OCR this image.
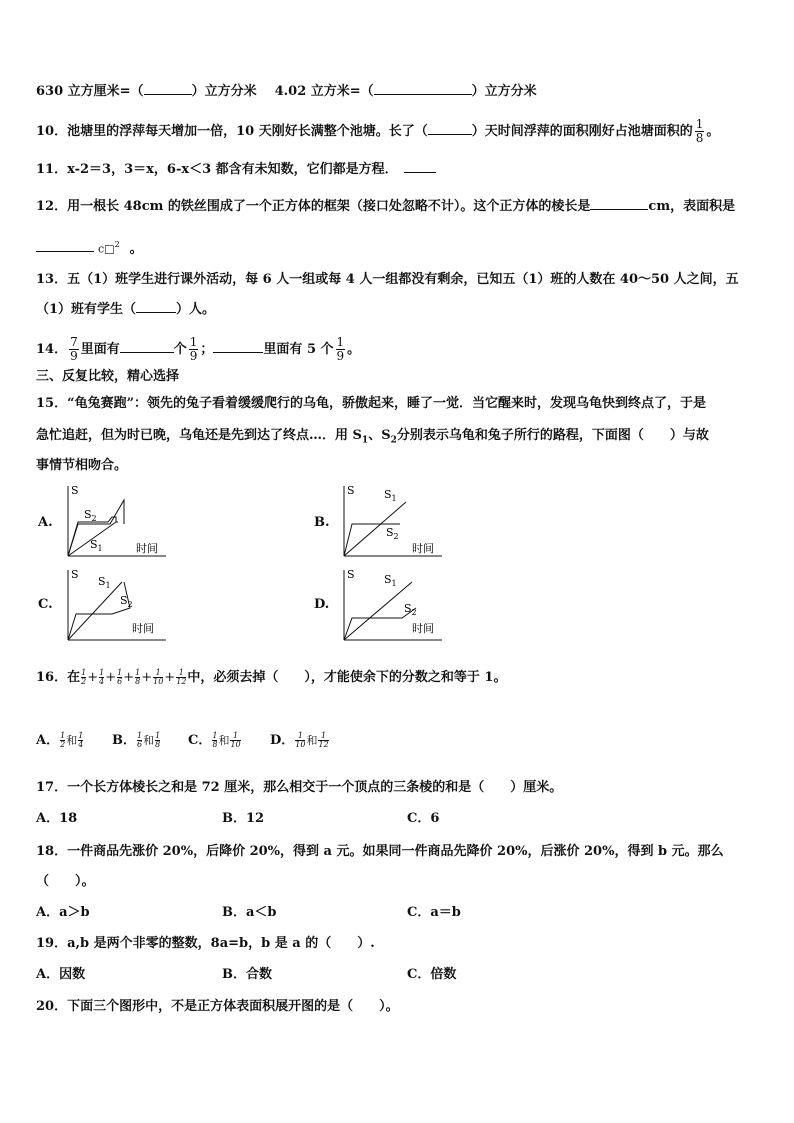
630 立方厘米=（	）立方分米 4.02 立方米=（	）立方分米
10．池塘里的浮萍每天增加一倍，10 天刚好长满整个池塘。长了（	）天时间浮萍的面积刚好占池塘面积的 $\frac{1}{8}$ 。
11．x-2＝3，3＝x，6-x＜3 都含有未知数，它们都是方程．
12．用一根长 48cm 的铁丝围成了一个正方体的框架（接口处忽略不计）。这个正方体的棱长是	cm，表面积是
c□$^2$ 。
13．五（1）班学生进行课外活动，每 6 人一组或每 4 人一组都没有剩余，已知五（1）班的人数在 40～50 人之间，五
（1）班有学生（	）人。
14． $\frac{7}{9}$ 里面有	个 $\frac{1}{9}$ ；	里面有 5 个 $\frac{1}{9}$ 。
三、反复比较，精心选择
15．“龟兔赛跑”：领先的兔子看着缓缓爬行的乌龟，骄傲起来，睡了一觉．当它醒来时，发现乌龟快到终点了，于是
急忙追赶，但为时已晚，乌龟还是先到达了终点…．用 $S_1$、$S_2$分别表示乌龟和兔子所行的路程，下面图（　　）与故
事情节相吻合。
A.
S
$S_2$
$S_1$	时间
B.
S	$S_1$
$S_2$
时间
C.
S
$S_1$
$S_2$
时间
D.
S	$S_1$
$S_2$
时间
16．在 $\frac{1}{2} + \frac{1}{4} + \frac{1}{6} + \frac{1}{8} + \frac{1}{10} + \frac{1}{12}$ 中，必须去掉（　　），才能使余下的分数之和等于 1。
A． $\frac{1}{2}$ 和 $\frac{1}{4}$ B． $\frac{1}{6}$ 和 $\frac{1}{8}$ C． $\frac{1}{8}$ 和 $\frac{1}{10}$ D． $\frac{1}{10}$ 和 $\frac{1}{12}$
17．一个长方体棱长之和是 72 厘米，那么相交于一个顶点的三条棱的和是（　　）厘米。
A．18	B．12	C．6
18．一件商品先涨价 20%，后降价 20%，得到 a 元。如果同一件商品先降价 20%，后涨价 20%，得到 b 元。那么
（　　）。
A．a＞b	B．a＜b	C．a＝b
19．a,b 是两个非零的整数，8a=b，b 是 a 的（　　）.
A．因数	B．合数	C．倍数
20．下面三个图形中，不是正方体表面积展开图的是（　　）。
